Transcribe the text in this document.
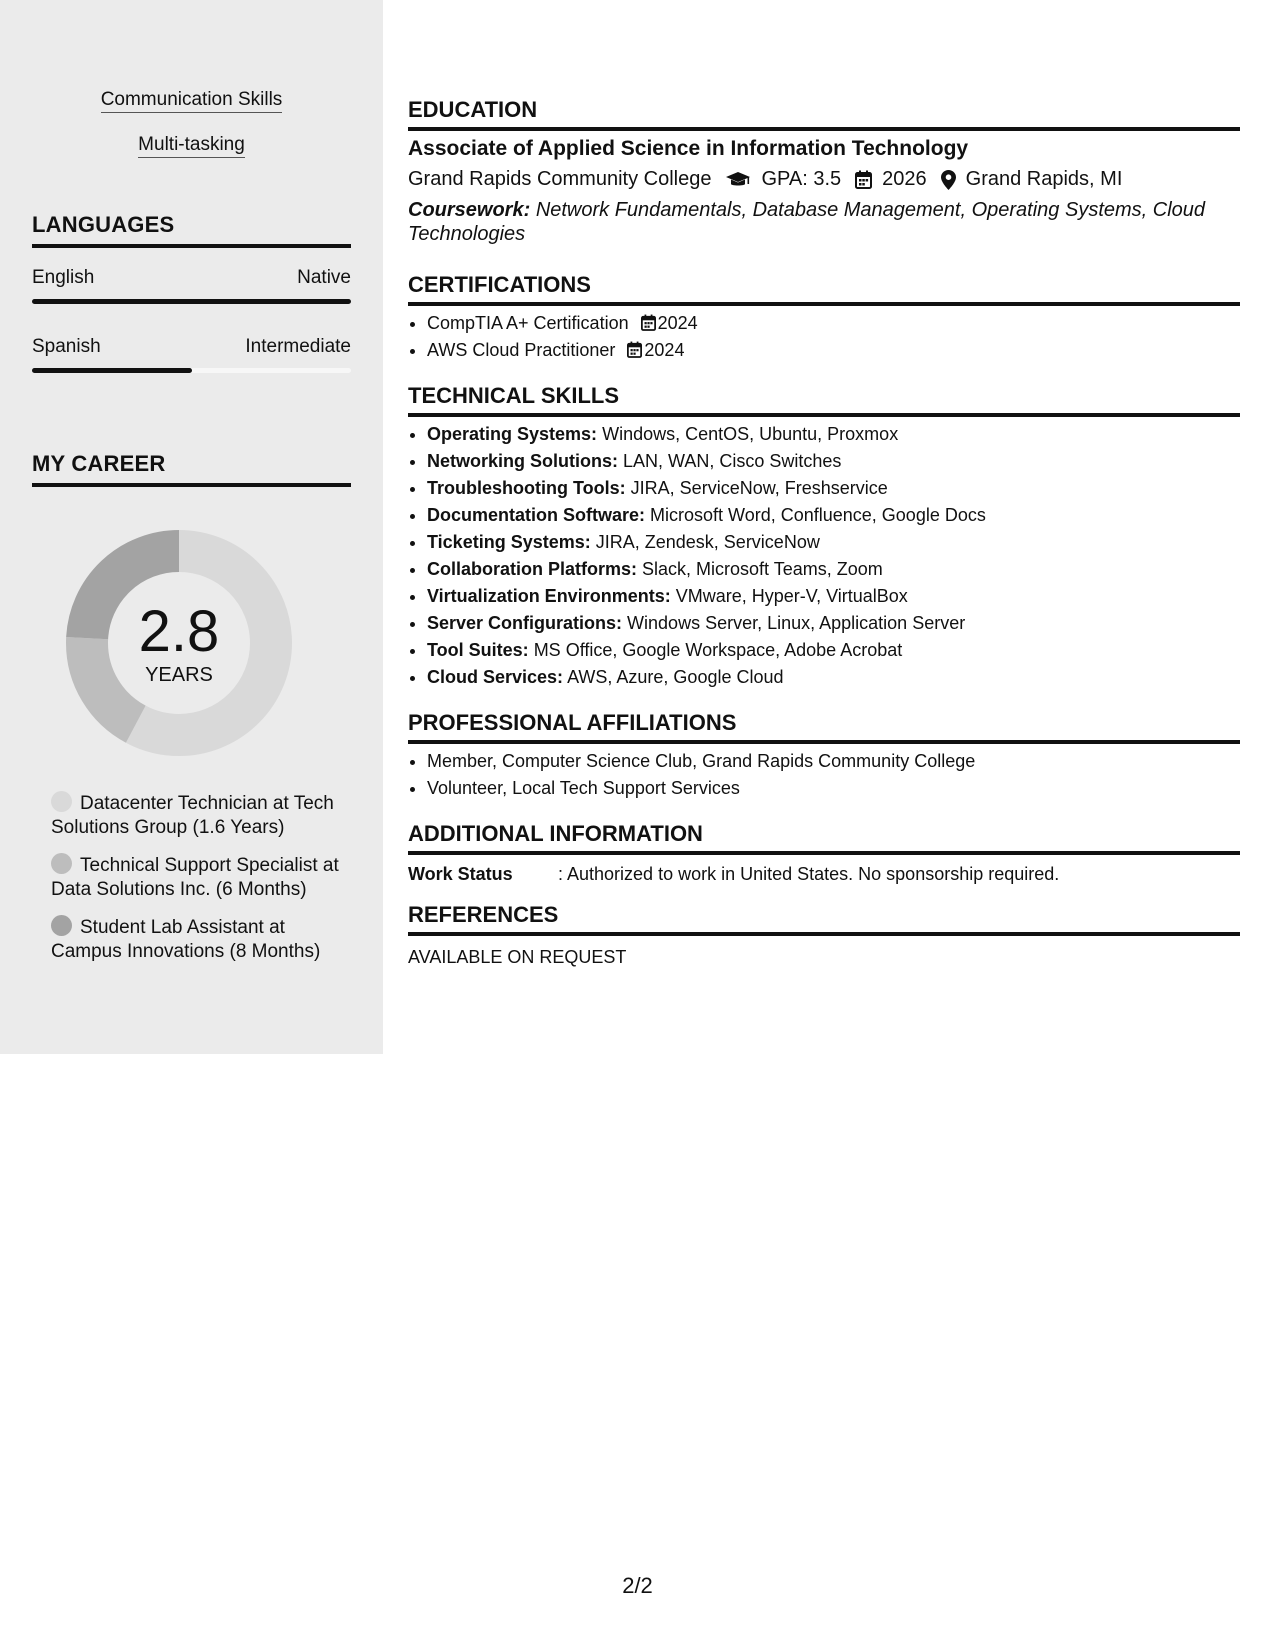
Communication Skills
Multi-tasking
LANGUAGES
English	Native
Spanish	Intermediate
MY CAREER
2.8
YEARS
Datacenter Technician at Tech Solutions Group (1.6 Years)
Technical Support Specialist at Data Solutions Inc. (6 Months)
Student Lab Assistant at Campus Innovations (8 Months)
EDUCATION
Associate of Applied Science in Information Technology
Grand Rapids Community College	GPA: 3.5 2026 Grand Rapids, MI
Coursework: Network Fundamentals, Database Management, Operating Systems, Cloud Technologies
CERTIFICATIONS
• CompTIA A+ Certification 2024
• AWS Cloud Practitioner 2024
TECHNICAL SKILLS
• Operating Systems: Windows, CentOS, Ubuntu, Proxmox
• Networking Solutions: LAN, WAN, Cisco Switches
• Troubleshooting Tools: JIRA, ServiceNow, Freshservice
• Documentation Software: Microsoft Word, Confluence, Google Docs
• Ticketing Systems: JIRA, Zendesk, ServiceNow
• Collaboration Platforms: Slack, Microsoft Teams, Zoom
• Virtualization Environments: VMware, Hyper-V, VirtualBox
• Server Configurations: Windows Server, Linux, Application Server
• Tool Suites: MS Office, Google Workspace, Adobe Acrobat
• Cloud Services: AWS, Azure, Google Cloud
PROFESSIONAL AFFILIATIONS
• Member, Computer Science Club, Grand Rapids Community College
• Volunteer, Local Tech Support Services
ADDITIONAL INFORMATION
Work Status	: Authorized to work in United States. No sponsorship required.
REFERENCES
AVAILABLE ON REQUEST
2/2
